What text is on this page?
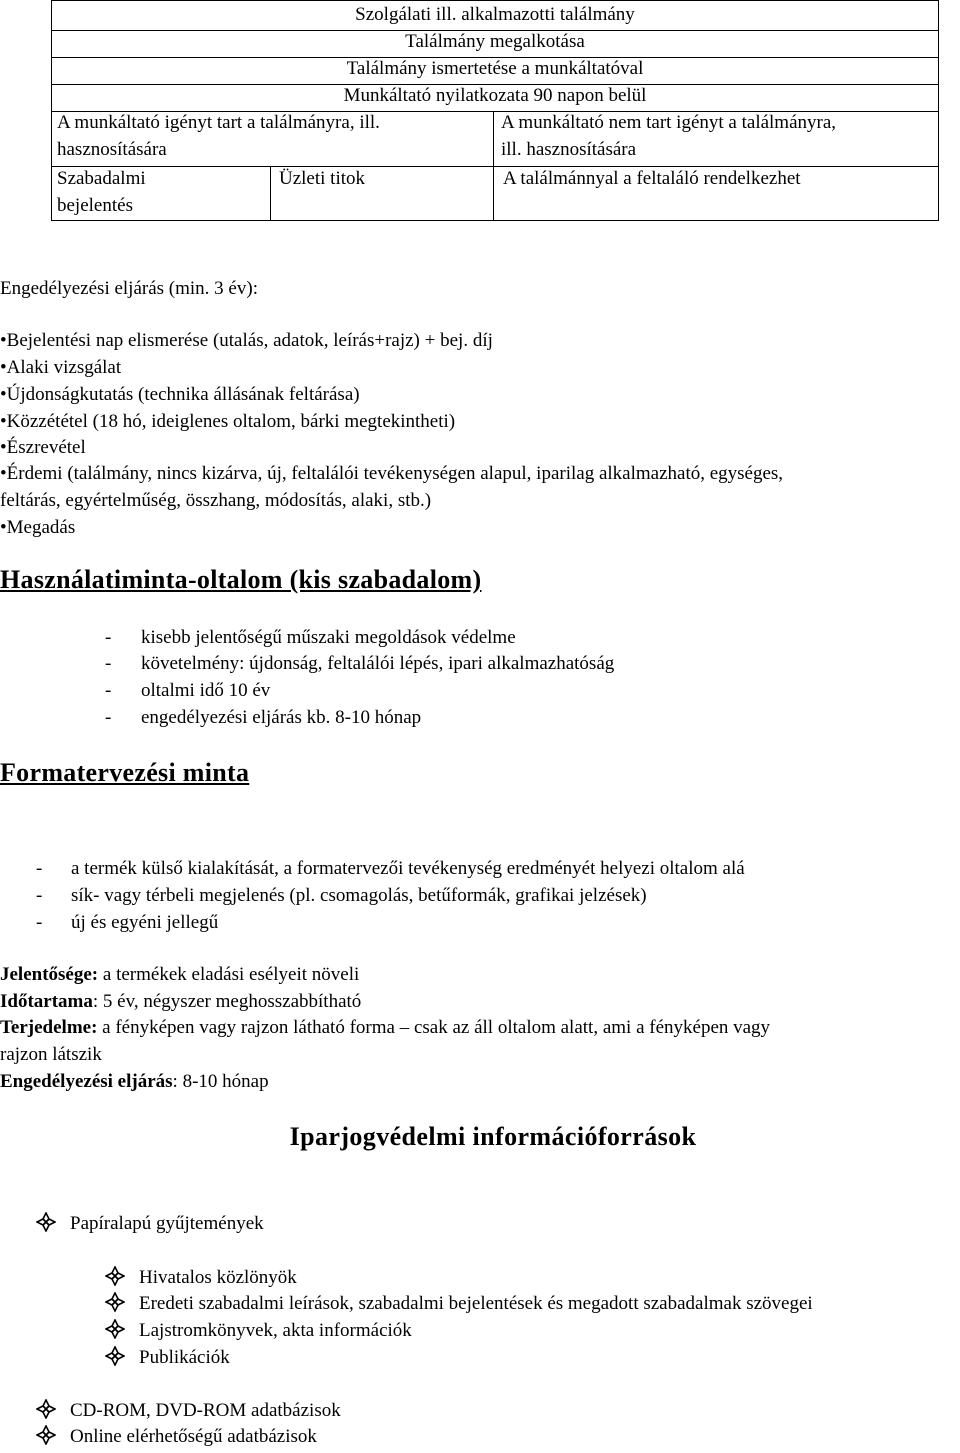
Szolgálati ill. alkalmazotti találmány
Találmány megalkotása
Találmány ismertetése a munkáltatóval
Munkáltató nyilatkozata 90 napon belül
A munkáltató igényt tart a találmányra, ill.
hasznosítására
A munkáltató nem tart igényt a találmányra,
ill. hasznosítására
Szabadalmi
bejelentés
Üzleti titok	A találmánnyal a feltaláló rendelkezhet
Engedélyezési eljárás (min. 3 év):
•Bejelentési nap elismerése (utalás, adatok, leírás+rajz) + bej. díj
•Alaki vizsgálat
•Újdonságkutatás (technika állásának feltárása)
•Közzététel (18 hó, ideiglenes oltalom, bárki megtekintheti)
•Észrevétel
•Érdemi (találmány, nincs kizárva, új, feltalálói tevékenységen alapul, iparilag alkalmazható, egységes,
feltárás, egyértelműség, összhang, módosítás, alaki, stb.)
•Megadás
Használatiminta-oltalom (kis szabadalom)
- kisebb jelentőségű műszaki megoldások védelme
- követelmény: újdonság, feltalálói lépés, ipari alkalmazhatóság
- oltalmi idő 10 év
- engedélyezési eljárás kb. 8-10 hónap
Formatervezési minta
- a termék külső kialakítását, a formatervezői tevékenység eredményét helyezi oltalom alá
- sík- vagy térbeli megjelenés (pl. csomagolás, betűformák, grafikai jelzések)
- új és egyéni jellegű
Jelentősége: a termékek eladási esélyeit növeli
Időtartama: 5 év, négyszer meghosszabbítható
Terjedelme: a fényképen vagy rajzon látható forma – csak az áll oltalom alatt, ami a fényképen vagy
rajzon látszik
Engedélyezési eljárás: 8-10 hónap
Iparjogvédelmi információforrások
Papíralapú gyűjtemények
Hivatalos közlönyök
Eredeti szabadalmi leírások, szabadalmi bejelentések és megadott szabadalmak szövegei
Lajstromkönyvek, akta információk
Publikációk
CD-ROM, DVD-ROM adatbázisok
Online elérhetőségű adatbázisok
